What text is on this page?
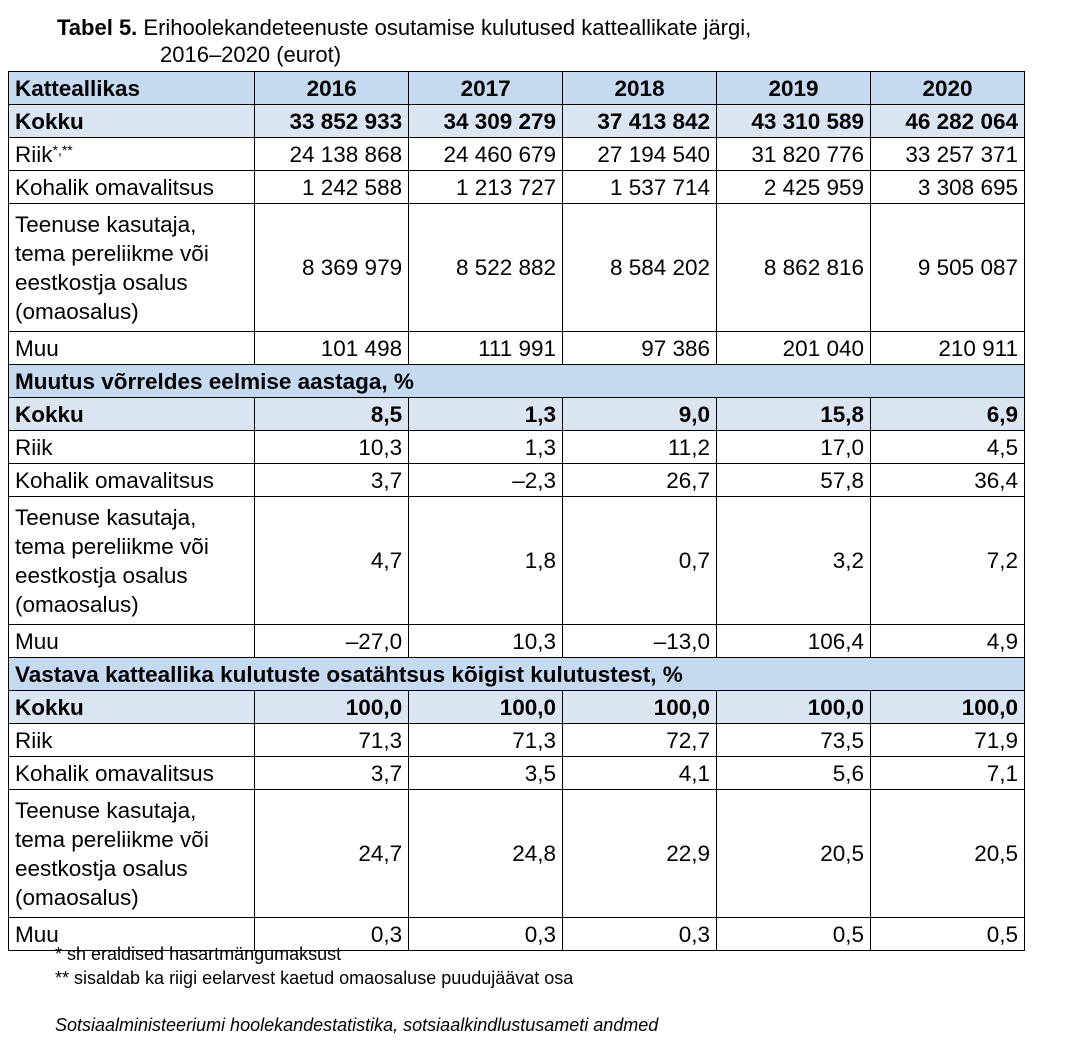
Tabel 5. Erihoolekandeteenuste osutamise kulutused katteallikate järgi,
2016–2020 (eurot)
Katteallikas	2016	2017	2018	2019	2020
Kokku	33 852 933	34 309 279	37 413 842	43 310 589	46 282 064
Riik*,**	24 138 868	24 460 679	27 194 540	31 820 776	33 257 371
Kohalik omavalitsus	1 242 588	1 213 727	1 537 714	2 425 959	3 308 695
Teenuse kasutaja, tema pereliikme või eestkostja osalus (omaosalus)	8 369 979	8 522 882	8 584 202	8 862 816	9 505 087
Muu	101 498	111 991	97 386	201 040	210 911
Muutus võrreldes eelmise aastaga, %					
Kokku	8,5	1,3	9,0	15,8	6,9
Riik	10,3	1,3	11,2	17,0	4,5
Kohalik omavalitsus	3,7	–2,3	26,7	57,8	36,4
Teenuse kasutaja, tema pereliikme või eestkostja osalus (omaosalus)	4,7	1,8	0,7	3,2	7,2
Muu	–27,0	10,3	–13,0	106,4	4,9
Vastava katteallika kulutuste osatähtsus kõigist kulutustest, %					
Kokku	100,0	100,0	100,0	100,0	100,0
Riik	71,3	71,3	72,7	73,5	71,9
Kohalik omavalitsus	3,7	3,5	4,1	5,6	7,1
Teenuse kasutaja, tema pereliikme või eestkostja osalus (omaosalus)	24,7	24,8	22,9	20,5	20,5
Muu	0,3	0,3	0,3	0,5	0,5
* sh eraldised hasartmängumaksust
** sisaldab ka riigi eelarvest kaetud omaosaluse puudujäävat osa
Sotsiaalministeeriumi hoolekandestatistika, sotsiaalkindlustusameti andmed
